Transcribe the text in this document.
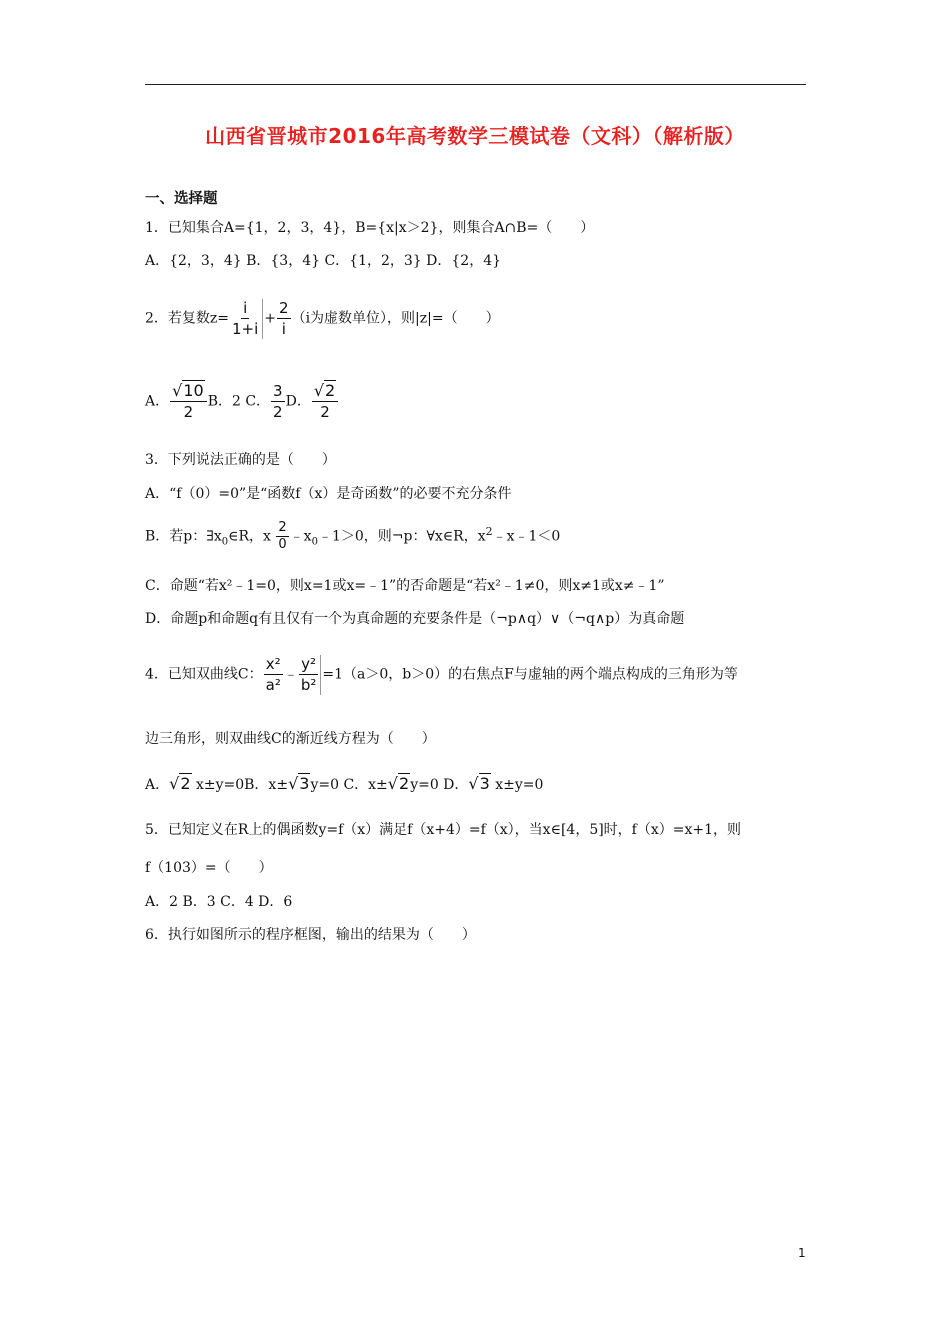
山西省晋城市2016年高考数学三模试卷（文科）（解析版）
一、选择题
1．已知集合A={1，2，3，4}，B={x|x＞2}，则集合A∩B=（　　）
A．{2，3，4} B．{3，4} C．{1，2，3} D．{2，4}
2．若复数$z= \frac{i}{1+i} + \frac{2}{i} (i$为虚数单位），则|z|=（　　）
A． $\frac{√10}{2}$ B．2 C． $\frac{3}{2}$ D． $\frac{√2}{2}$
3．下列说法正确的是（　　）
A．“f（0）=0”是“函数f（x）是奇函数”的必要不充分条件
B．若p：$\exists x_0\in R$，x $\frac{2}{0}$ $﹣x_0﹣1>0$，则¬p：∀x∈R，$x^2﹣x﹣1<0$
C．命题“若x²﹣1=0，则x=1或x=﹣1”的否命题是“若x²﹣1≠0，则x≠1或x≠﹣1”
D．命题p和命题q有且仅有一个为真命题的充要条件是（¬p∧q）∨（¬q∧p）为真命题
4．已知双曲线C： $\frac{\text{x²}}{\text{a²}}$ ﹣ $\frac{\text{y²}}{\text{b²}} =1(a>0$，b＞0）的右焦点F与虚轴的两个端点构成的三角形为等
边三角形，则双曲线C的渐近线方程为（　　）
A．√2 x±y=0B．x±√3y=0 C．x±√2y=0 D．√3 x±y=0
5．已知定义在R上的偶函数y=f（x）满足f（x+4）=f（x），当x∈[4，5]时，f（x）=x+1，则
f（103）=（　　）
A．2 B．3 C．4 D．6
6．执行如图所示的程序框图，输出的结果为（　　）
1
